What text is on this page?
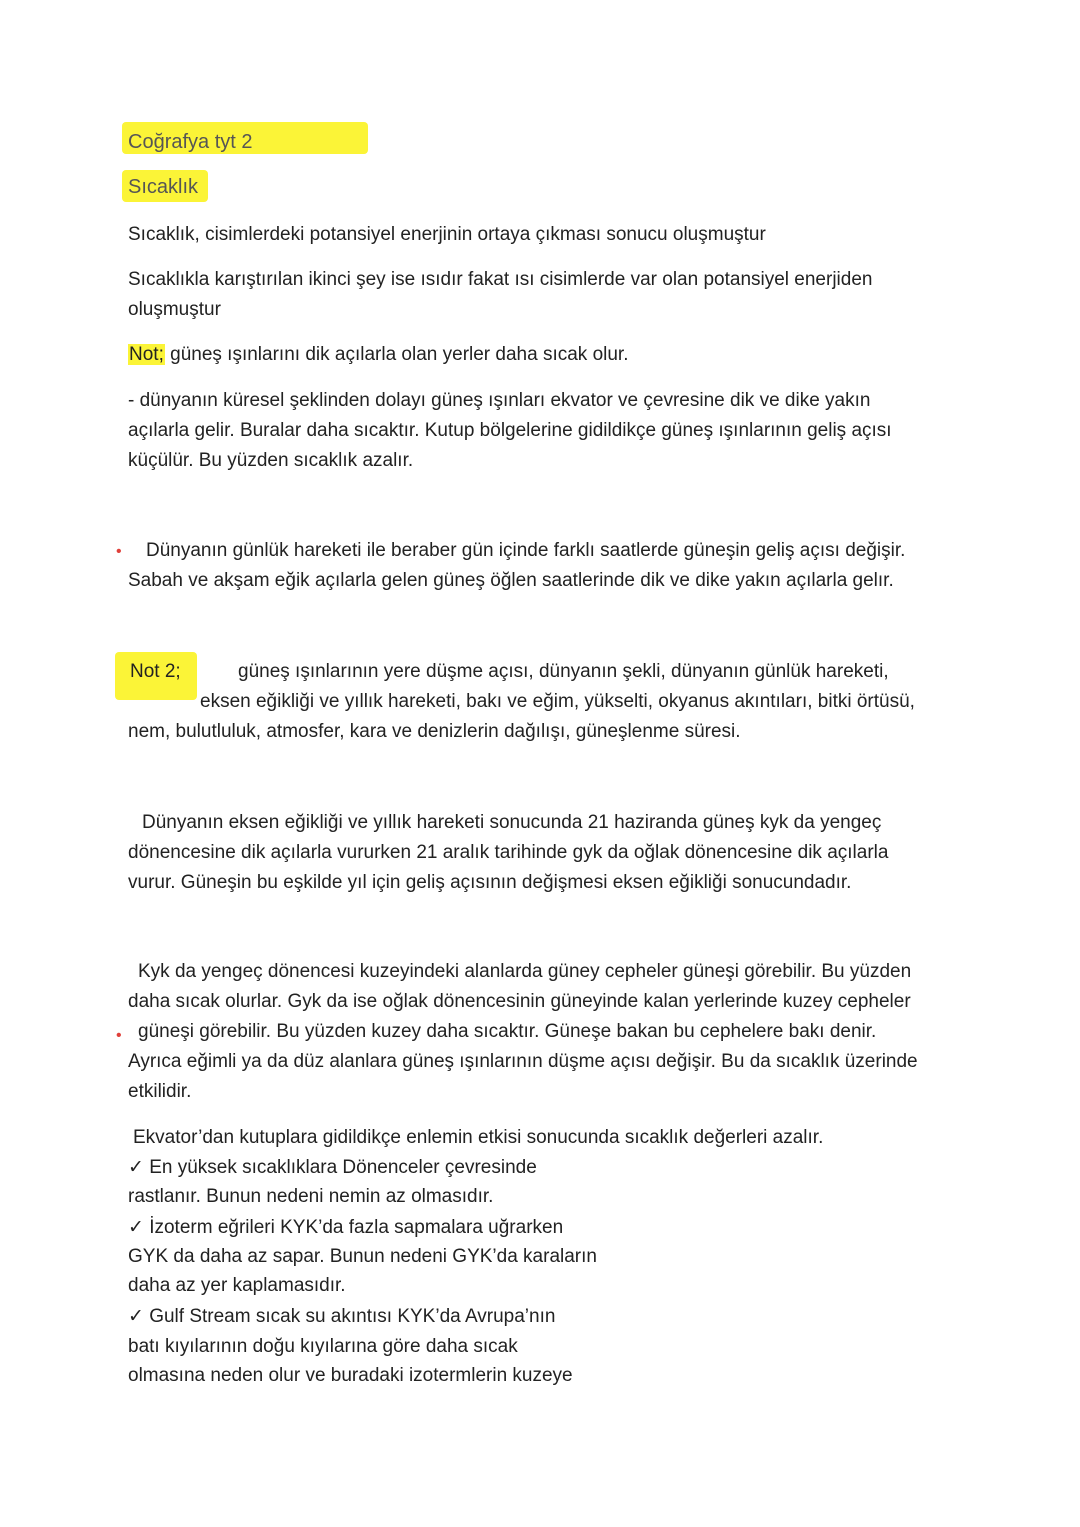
Coğrafya tyt 2
Sıcaklık
Sıcaklık, cisimlerdeki potansiyel enerjinin ortaya çıkması sonucu oluşmuştur
Sıcaklıkla karıştırılan ikinci şey ise ısıdır fakat ısı cisimlerde var olan potansiyel enerjiden
oluşmuştur
Not; güneş ışınlarını dik açılarla olan yerler daha sıcak olur.
- dünyanın küresel şeklinden dolayı güneş ışınları ekvator ve çevresine dik ve dike yakın
açılarla gelir. Buralar daha sıcaktır. Kutup bölgelerine gidildikçe güneş ışınlarının geliş açısı
küçülür. Bu yüzden sıcaklık azalır.
• Dünyanın günlük hareketi ile beraber gün içinde farklı saatlerde güneşin geliş açısı değişir.
Sabah ve akşam eğik açılarla gelen güneş öğlen saatlerinde dik ve dike yakın açılarla gelır.
Not 2;	güneş ışınlarının yere düşme açısı, dünyanın şekli, dünyanın günlük hareketi,
eksen eğikliği ve yıllık hareketi, bakı ve eğim, yükselti, okyanus akıntıları, bitki örtüsü,
nem, bulutluluk, atmosfer, kara ve denizlerin dağılışı, güneşlenme süresi.
Dünyanın eksen eğikliği ve yıllık hareketi sonucunda 21 haziranda güneş kyk da yengeç
dönencesine dik açılarla vururken 21 aralık tarihinde gyk da oğlak dönencesine dik açılarla
vurur. Güneşin bu eşkilde yıl için geliş açısının değişmesi eksen eğikliği sonucundadır.
Kyk da yengeç dönencesi kuzeyindeki alanlarda güney cepheler güneşi görebilir. Bu yüzden
daha sıcak olurlar. Gyk da ise oğlak dönencesinin güneyinde kalan yerlerinde kuzey cepheler
• güneşi görebilir. Bu yüzden kuzey daha sıcaktır. Güneşe bakan bu cephelere bakı denir.
Ayrıca eğimli ya da düz alanlara güneş ışınlarının düşme açısı değişir. Bu da sıcaklık üzerinde
etkilidir.
Ekvator’dan kutuplara gidildikçe enlemin etkisi sonucunda sıcaklık değerleri azalır.
✓ En yüksek sıcaklıklara Dönenceler çevresinde
rastlanır. Bunun nedeni nemin az olmasıdır.
✓ İzoterm eğrileri KYK’da fazla sapmalara uğrarken
GYK da daha az sapar. Bunun nedeni GYK’da karaların
daha az yer kaplamasıdır.
✓ Gulf Stream sıcak su akıntısı KYK’da Avrupa’nın
batı kıyılarının doğu kıyılarına göre daha sıcak
olmasına neden olur ve buradaki izotermlerin kuzeye
